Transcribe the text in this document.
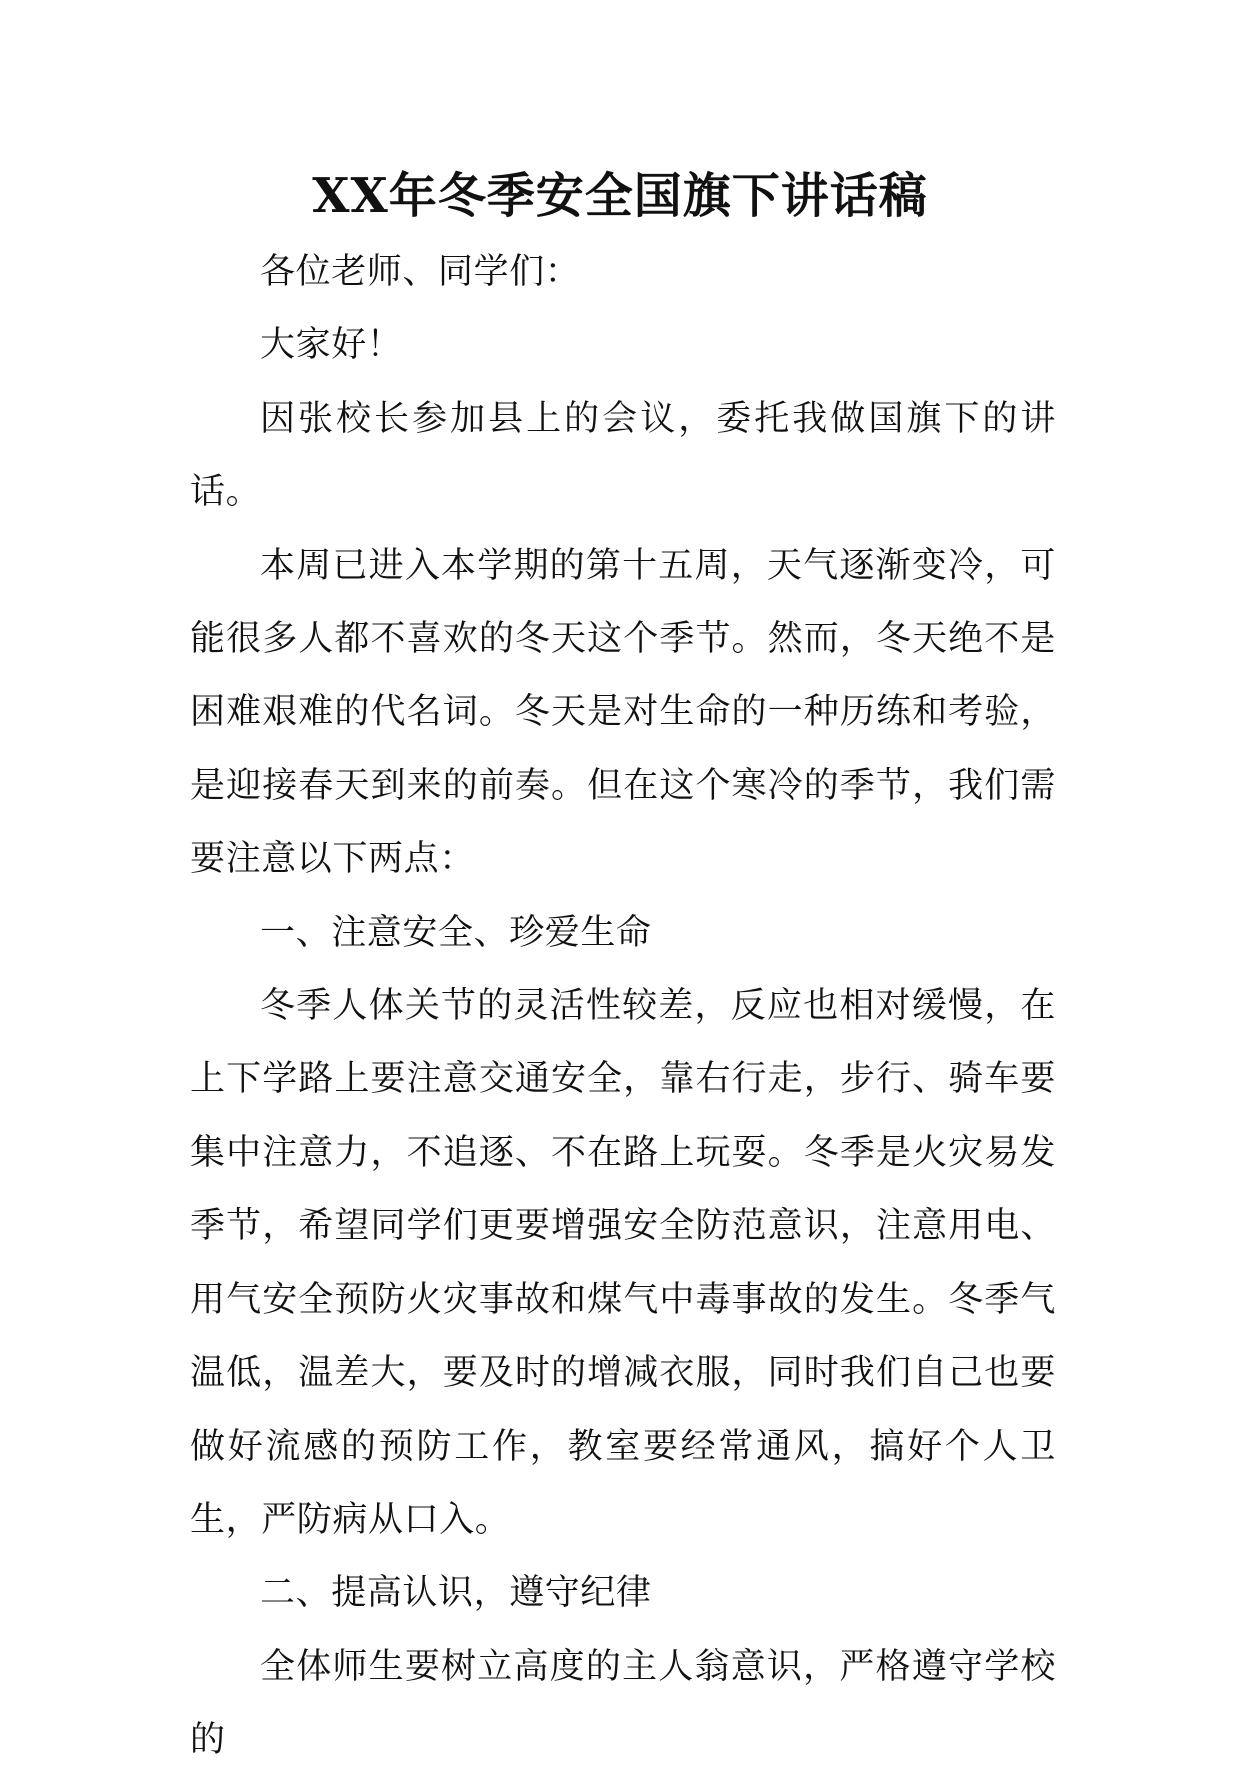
XX年冬季安全国旗下讲话稿

各位老师、同学们：

大家好！

因张校长参加县上的会议，委托我做国旗下的讲话。

本周已进入本学期的第十五周，天气逐渐变冷，可能很多人都不喜欢的冬天这个季节。然而，冬天绝不是困难艰难的代名词。冬天是对生命的一种历练和考验，是迎接春天到来的前奏。但在这个寒冷的季节，我们需要注意以下两点：

一、注意安全、珍爱生命

冬季人体关节的灵活性较差，反应也相对缓慢，在上下学路上要注意交通安全，靠右行走，步行、骑车要集中注意力，不追逐、不在路上玩耍。冬季是火灾易发季节，希望同学们更要增强安全防范意识，注意用电、用气安全预防火灾事故和煤气中毒事故的发生。冬季气温低，温差大，要及时的增减衣服，同时我们自己也要做好流感的预防工作，教室要经常通风，搞好个人卫生，严防病从口入。

二、提高认识，遵守纪律

全体师生要树立高度的主人翁意识，严格遵守学校的
